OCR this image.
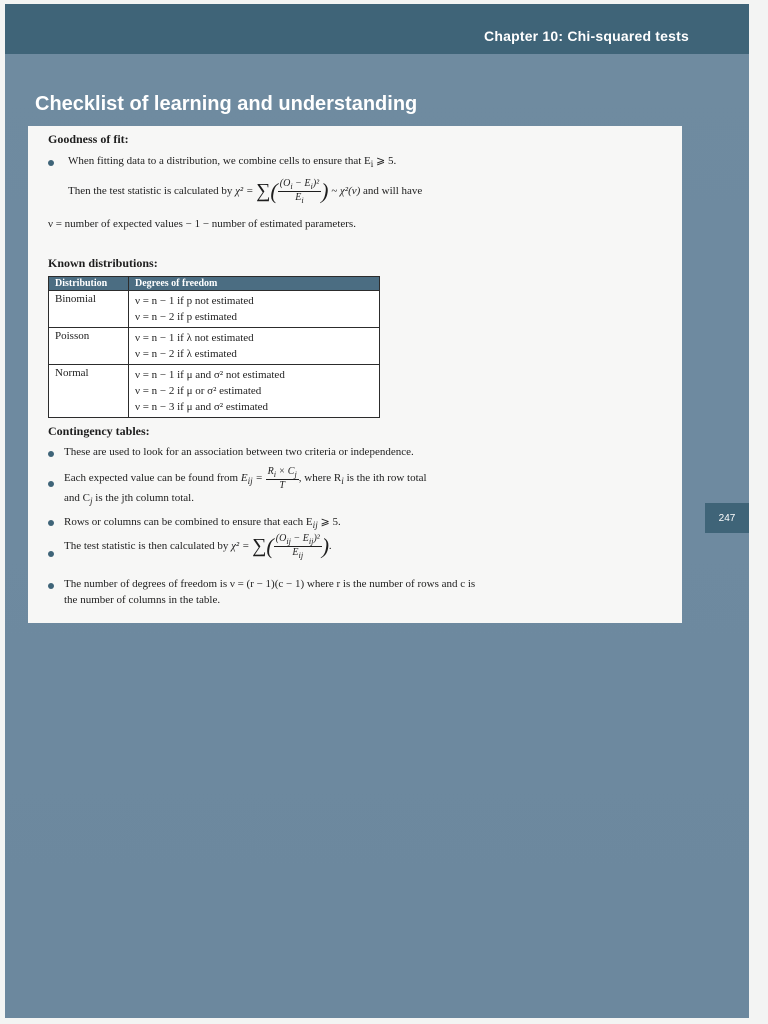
Chapter 10: Chi-squared tests
Checklist of learning and understanding
247
Goodness of fit:
When fitting data to a distribution, we combine cells to ensure that $E_i$ ⩾ 5.
Then the test statistic is calculated by χ² = ∑( $\frac{(O_i - E_i)^2}{E_i}$ ) ~ χ²(ν) and will have
ν = number of expected values − 1 − number of estimated parameters.
Known distributions:
Distribution	Degrees of freedom
Binomial	ν = n − 1 if p not estimated
ν = n − 2 if p estimated

Poisson	ν = n − 1 if λ not estimated
ν = n − 2 if λ estimated

Normal	ν = n − 1 if μ and σ² not estimated
ν = n − 2 if μ or σ² estimated
ν = n − 3 if μ and σ² estimated
Contingency tables:
These are used to look for an association between two criteria or independence.
Each expected value can be found from $E_{ij} = \frac{R_i \times C_j}{T}$ , where $R_i$ is the ith row total
and $C_j$ is the jth column total.
Rows or columns can be combined to ensure that each $E_{ij}$ ⩾ 5.
The test statistic is then calculated by χ² = ∑( $\frac{(O_{ij} - E_{ij})^2}{E_{ij}}$ ).
The number of degrees of freedom is ν = (r − 1)(c − 1) where r is the number of rows and c is
the number of columns in the table.
